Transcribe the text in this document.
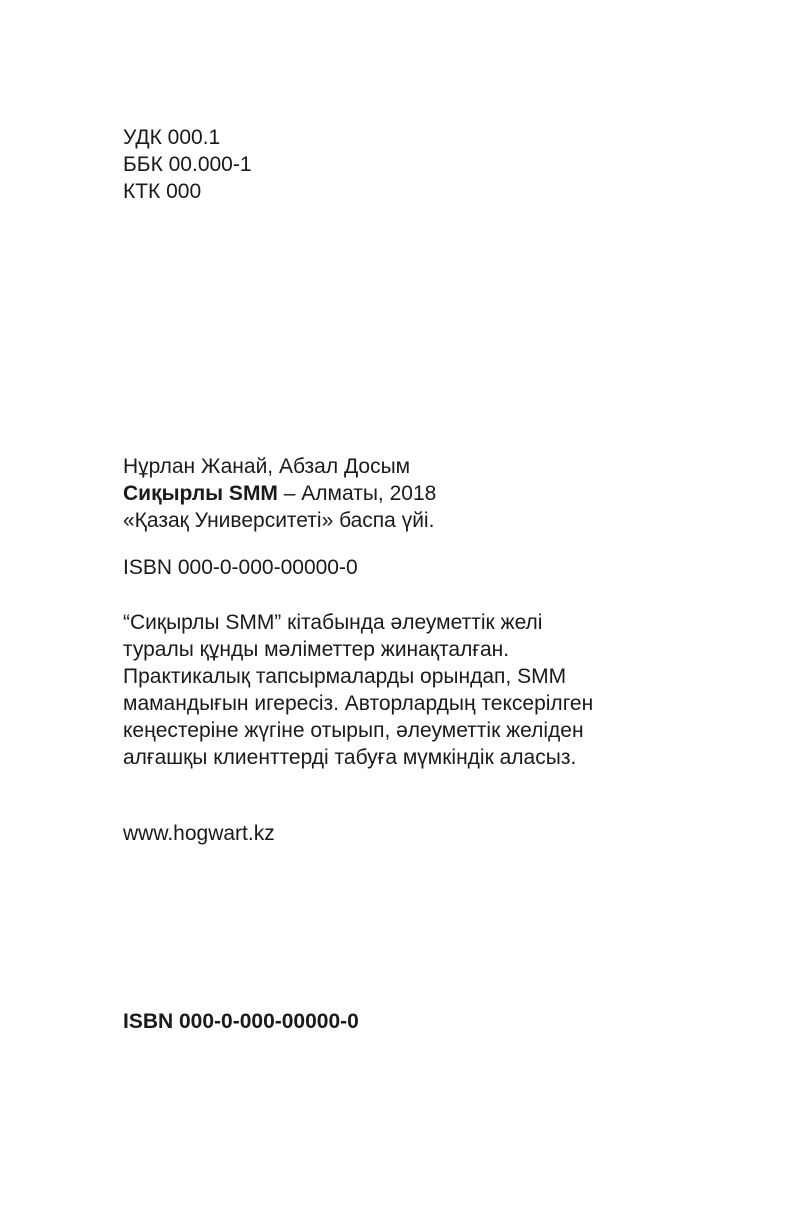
УДК 000.1
ББК 00.000-1
КТК 000
Нұрлан Жанай, Абзал Досым
Сиқырлы SMM – Алматы, 2018
«Қазақ Университеті» баспа үйі.
ISBN 000-0-000-00000-0
“Сиқырлы SMM” кітабында әлеуметтік желі
туралы құнды мәліметтер жинақталған.
Практикалық тапсырмаларды орындап, SMM
мамандығын игересіз. Авторлардың тексерілген
кеңестеріне жүгіне отырып, әлеуметтік желіден
алғашқы клиенттерді табуға мүмкіндік аласыз.
www.hogwart.kz
ISBN 000-0-000-00000-0
